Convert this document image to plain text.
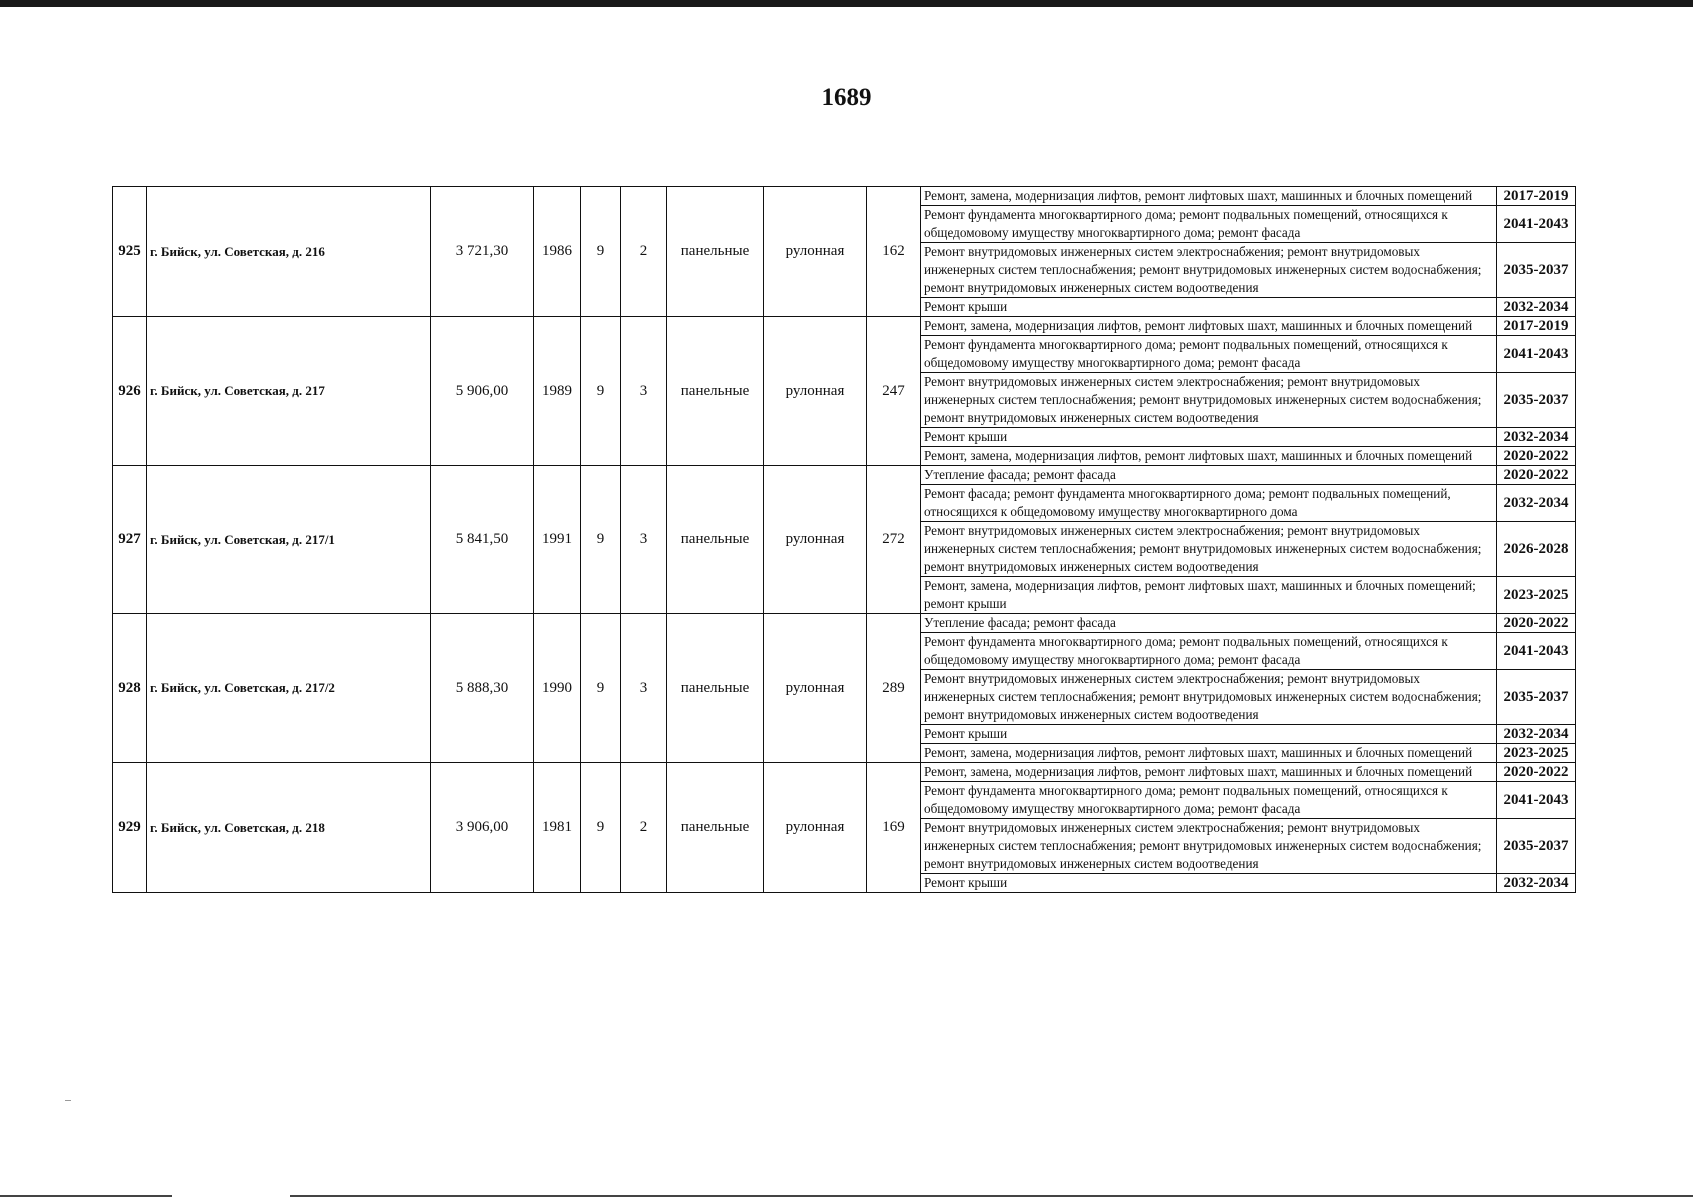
1689
925	г. Бийск, ул. Советская, д. 216	3 721,30	1986	9	2	панельные	рулонная	162	Ремонт, замена, модернизация лифтов, ремонт лифтовых шахт, машинных и блочных помещений	2017-2019
									Ремонт фундамента многоквартирного дома; ремонт подвальных помещений, относящихся к общедомовому имуществу многоквартирного дома; ремонт фасада	2041-2043
									Ремонт внутридомовых инженерных систем электроснабжения; ремонт внутридомовых инженерных систем теплоснабжения; ремонт внутридомовых инженерных систем водоснабжения; ремонт внутридомовых инженерных систем водоотведения	2035-2037
									Ремонт крыши	2032-2034
926	г. Бийск, ул. Советская, д. 217	5 906,00	1989	9	3	панельные	рулонная	247	Ремонт, замена, модернизация лифтов, ремонт лифтовых шахт, машинных и блочных помещений	2017-2019
									Ремонт фундамента многоквартирного дома; ремонт подвальных помещений, относящихся к общедомовому имуществу многоквартирного дома; ремонт фасада	2041-2043
									Ремонт внутридомовых инженерных систем электроснабжения; ремонт внутридомовых инженерных систем теплоснабжения; ремонт внутридомовых инженерных систем водоснабжения; ремонт внутридомовых инженерных систем водоотведения	2035-2037
									Ремонт крыши	2032-2034
									Ремонт, замена, модернизация лифтов, ремонт лифтовых шахт, машинных и блочных помещений	2020-2022
927	г. Бийск, ул. Советская, д. 217/1	5 841,50	1991	9	3	панельные	рулонная	272	Утепление фасада; ремонт фасада	2020-2022
									Ремонт фасада; ремонт фундамента многоквартирного дома; ремонт подвальных помещений, относящихся к общедомовому имуществу многоквартирного дома	2032-2034
									Ремонт внутридомовых инженерных систем электроснабжения; ремонт внутридомовых инженерных систем теплоснабжения; ремонт внутридомовых инженерных систем водоснабжения; ремонт внутридомовых инженерных систем водоотведения	2026-2028
									Ремонт, замена, модернизация лифтов, ремонт лифтовых шахт, машинных и блочных помещений; ремонт крыши	2023-2025
928	г. Бийск, ул. Советская, д. 217/2	5 888,30	1990	9	3	панельные	рулонная	289	Утепление фасада; ремонт фасада	2020-2022
									Ремонт фундамента многоквартирного дома; ремонт подвальных помещений, относящихся к общедомовому имуществу многоквартирного дома; ремонт фасада	2041-2043
									Ремонт внутридомовых инженерных систем электроснабжения; ремонт внутридомовых инженерных систем теплоснабжения; ремонт внутридомовых инженерных систем водоснабжения; ремонт внутридомовых инженерных систем водоотведения	2035-2037
									Ремонт крыши	2032-2034
									Ремонт, замена, модернизация лифтов, ремонт лифтовых шахт, машинных и блочных помещений	2023-2025
929	г. Бийск, ул. Советская, д. 218	3 906,00	1981	9	2	панельные	рулонная	169	Ремонт, замена, модернизация лифтов, ремонт лифтовых шахт, машинных и блочных помещений	2020-2022
									Ремонт фундамента многоквартирного дома; ремонт подвальных помещений, относящихся к общедомовому имуществу многоквартирного дома; ремонт фасада	2041-2043
									Ремонт внутридомовых инженерных систем электроснабжения; ремонт внутридомовых инженерных систем теплоснабжения; ремонт внутридомовых инженерных систем водоснабжения; ремонт внутридомовых инженерных систем водоотведения	2035-2037
									Ремонт крыши	2032-2034
